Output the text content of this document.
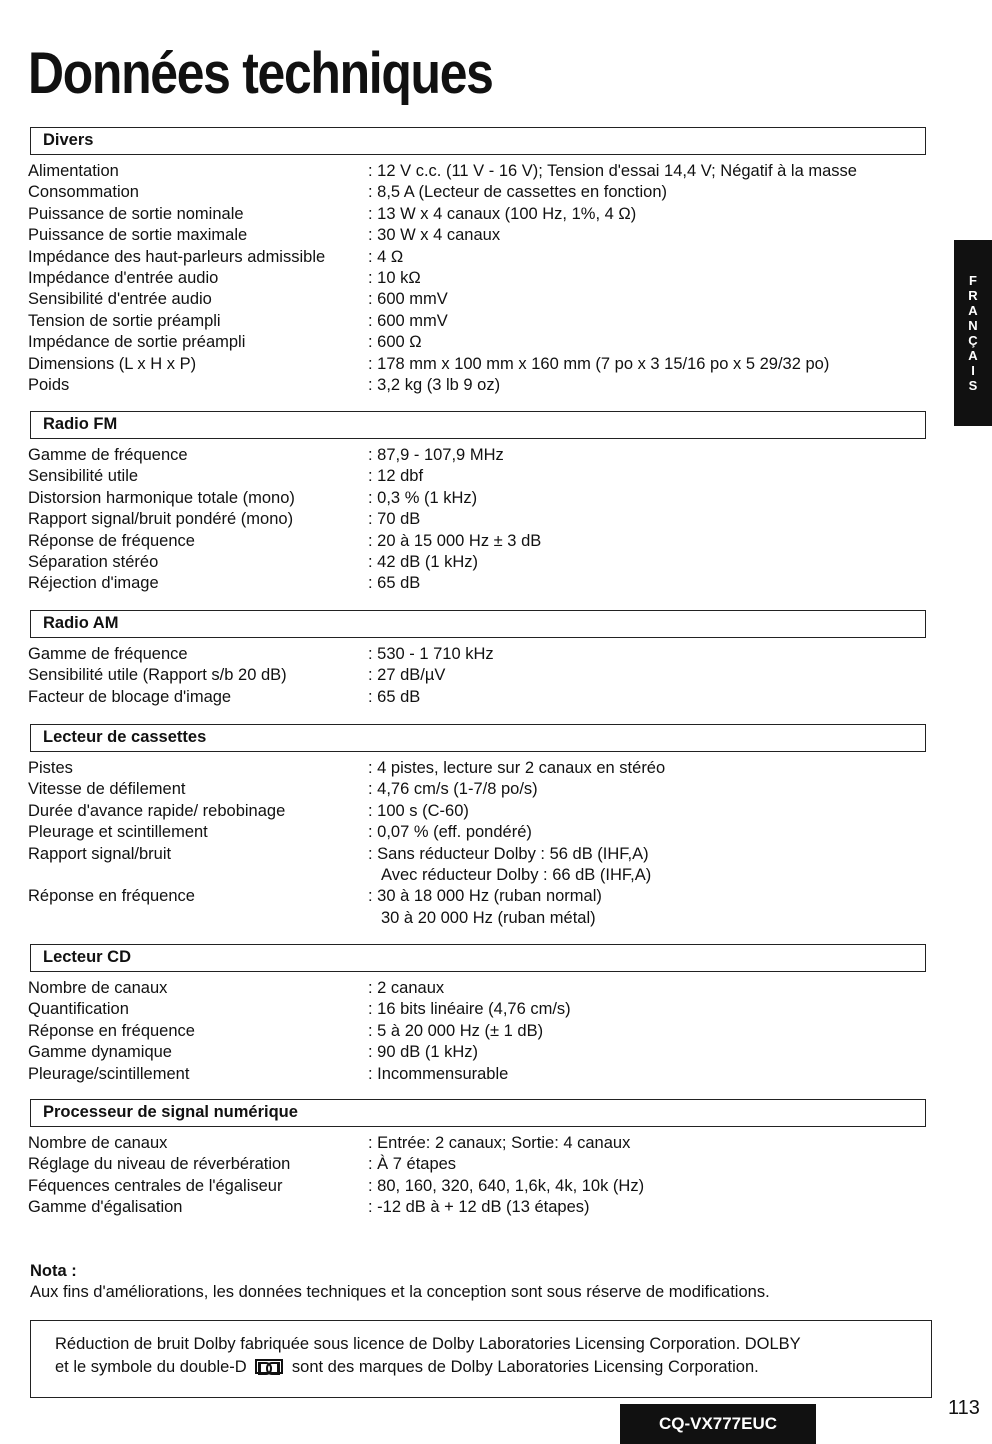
Données techniques
F
R
A
N
Ç
A
I
S
Divers
Alimentation	: 12 V c.c. (11 V - 16 V); Tension d'essai 14,4 V; Négatif à la masse
Consommation	: 8,5 A (Lecteur de cassettes en fonction)
Puissance de sortie nominale	: 13 W x 4 canaux (100 Hz, 1%, 4 Ω)
Puissance de sortie maximale	: 30 W x 4 canaux
Impédance des haut-parleurs admissible	: 4 Ω
Impédance d'entrée audio	: 10 kΩ
Sensibilité d'entrée audio	: 600 mmV
Tension de sortie préampli	: 600 mmV
Impédance de sortie préampli	: 600 Ω
Dimensions (L x H x P)	: 178 mm x 100 mm x 160 mm (7 po x 3 15/16 po x 5 29/32 po)
Poids	: 3,2 kg (3 lb 9 oz)
Radio FM
Gamme de fréquence	: 87,9 - 107,9 MHz
Sensibilité utile	: 12 dbf
Distorsion harmonique totale (mono)	: 0,3 % (1 kHz)
Rapport signal/bruit pondéré (mono)	: 70 dB
Réponse de fréquence	: 20 à 15 000 Hz ± 3 dB
Séparation stéréo	: 42 dB (1 kHz)
Réjection d'image	: 65 dB
Radio AM
Gamme de fréquence	: 530 - 1 710 kHz
Sensibilité utile (Rapport s/b 20 dB)	: 27 dB/µV
Facteur de blocage d'image	: 65 dB
Lecteur de cassettes
Pistes	: 4 pistes, lecture sur 2 canaux en stéréo
Vitesse de défilement	: 4,76 cm/s (1-7/8 po/s)
Durée d'avance rapide/ rebobinage	: 100 s (C-60)
Pleurage et scintillement	: 0,07 % (eff. pondéré)
Rapport signal/bruit	: Sans réducteur Dolby : 56 dB (IHF,A)
Avec réducteur Dolby : 66 dB (IHF,A)
Réponse en fréquence	: 30 à 18 000 Hz (ruban normal)
30 à 20 000 Hz (ruban métal)
Lecteur CD
Nombre de canaux	: 2 canaux
Quantification	: 16 bits linéaire (4,76 cm/s)
Réponse en fréquence	: 5 à 20 000 Hz (± 1 dB)
Gamme dynamique	: 90 dB (1 kHz)
Pleurage/scintillement	: Incommensurable
Processeur de signal numérique
Nombre de canaux	: Entrée: 2 canaux; Sortie: 4 canaux
Réglage du niveau de réverbération	: À 7 étapes
Féquences centrales de l'égaliseur	: 80, 160, 320, 640, 1,6k, 4k, 10k (Hz)
Gamme d'égalisation	: -12 dB à + 12 dB (13 étapes)
Nota :

Aux fins d'améliorations, les données techniques et la conception sont sous réserve de modifications.

Réduction de bruit Dolby fabriquée sous licence de Dolby Laboratories Licensing Corporation. DOLBY
et le symbole du double-D	sont des marques de Dolby Laboratories Licensing Corporation.
113
CQ-VX777EUC
